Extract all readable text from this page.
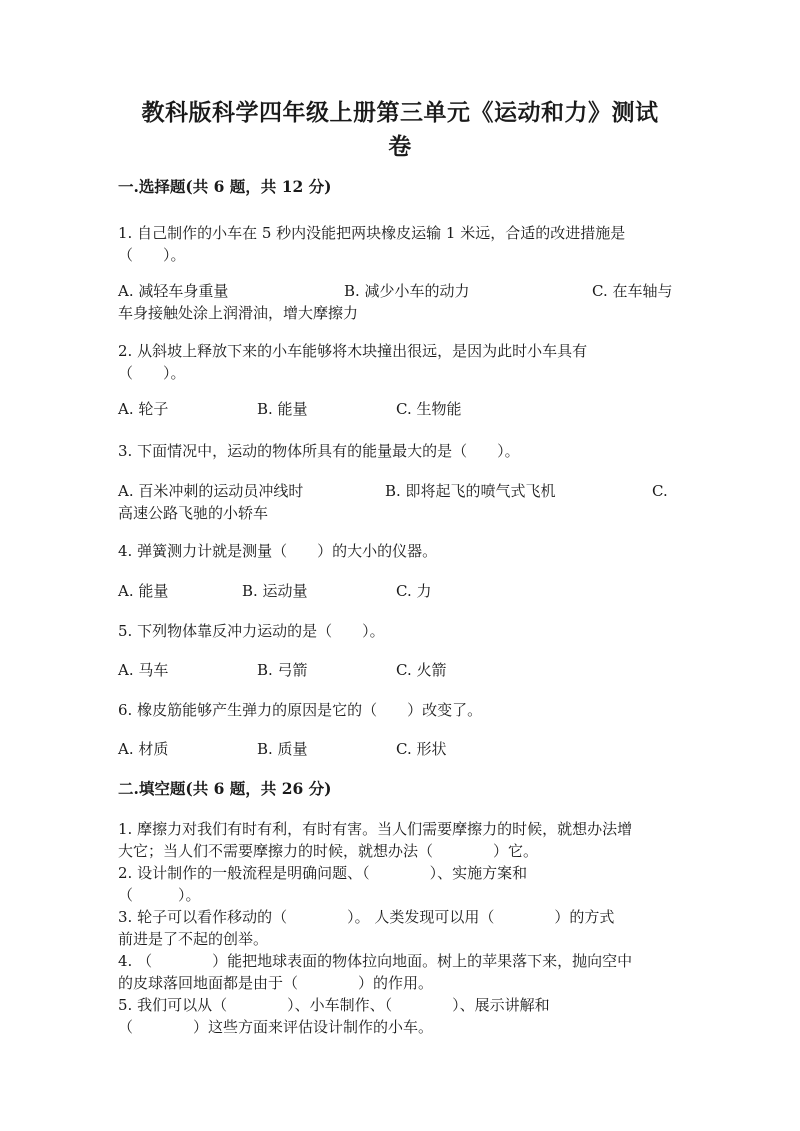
教科版科学四年级上册第三单元《运动和力》测试
卷
一.选择题(共 6 题，共 12 分)
1. 自己制作的小车在 5 秒内没能把两块橡皮运输 1 米远，合适的改进措施是
（　　）。
A. 减轻车身重量	B. 减少小车的动力	C. 在车轴与
车身接触处涂上润滑油，增大摩擦力
2. 从斜坡上释放下来的小车能够将木块撞出很远，是因为此时小车具有
（　　）。
A. 轮子	B. 能量	C. 生物能
3. 下面情况中，运动的物体所具有的能量最大的是（　　）。
A. 百米冲刺的运动员冲线时	B. 即将起飞的喷气式飞机	C.
高速公路飞驰的小轿车
4. 弹簧测力计就是测量（　　）的大小的仪器。
A. 能量	B. 运动量	C. 力
5. 下列物体靠反冲力运动的是（　　）。
A. 马车	B. 弓箭	C. 火箭
6. 橡皮筋能够产生弹力的原因是它的（　　）改变了。
A. 材质	B. 质量	C. 形状
二.填空题(共 6 题，共 26 分)
1. 摩擦力对我们有时有利，有时有害。当人们需要摩擦力的时候，就想办法增
大它；当人们不需要摩擦力的时候，就想办法（　　　　）它。
2. 设计制作的一般流程是明确问题、（　　　　）、实施方案和
（　　　）。
3. 轮子可以看作移动的（　　　　）。 人类发现可以用（　　　　）的方式
前进是了不起的创举。
4. （　　　　）能把地球表面的物体拉向地面。树上的苹果落下来，抛向空中
的皮球落回地面都是由于（　　　　）的作用。
5. 我们可以从（　　　　）、小车制作、（　　　　）、展示讲解和
（　　　　）这些方面来评估设计制作的小车。
